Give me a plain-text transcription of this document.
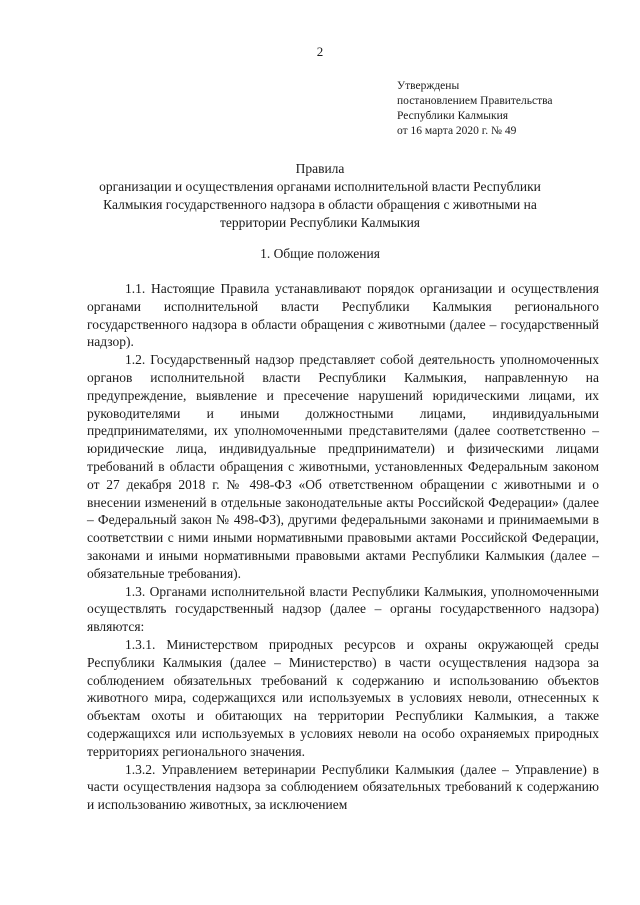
2
Утверждены
постановлением Правительства
Республики Калмыкия
от 16 марта 2020 г. № 49
Правила
организации и осуществления органами исполнительной власти Республики
Калмыкия государственного надзора в области обращения с животными на
территории Республики Калмыкия
1. Общие положения

1.1. Настоящие Правила устанавливают порядок организации и осуществления органами исполнительной власти Республики Калмыкия регионального государственного надзора в области обращения с животными (далее – государственный надзор).

1.2. Государственный надзор представляет собой деятельность уполномоченных органов исполнительной власти Республики Калмыкия, направленную на предупреждение, выявление и пресечение нарушений юридическими лицами, их руководителями и иными должностными лицами, индивидуальными предпринимателями, их уполномоченными представителями (далее соответственно – юридические лица, индивидуальные предприниматели) и физическими лицами требований в области обращения с животными, установленных Федеральным законом от 27 декабря 2018 г. № 498-ФЗ «Об ответственном обращении с животными и о внесении изменений в отдельные законодательные акты Российской Федерации» (далее – Федеральный закон № 498-ФЗ), другими федеральными законами и принимаемыми в соответствии с ними иными нормативными правовыми актами Российской Федерации, законами и иными нормативными правовыми актами Республики Калмыкия (далее – обязательные требования).

1.3. Органами исполнительной власти Республики Калмыкия, уполномоченными осуществлять государственный надзор (далее – органы государственного надзора) являются:

1.3.1. Министерством природных ресурсов и охраны окружающей среды Республики Калмыкия (далее – Министерство) в части осуществления надзора за соблюдением обязательных требований к содержанию и использованию объектов животного мира, содержащихся или используемых в условиях неволи, отнесенных к объектам охоты и обитающих на территории Республики Калмыкия, а также содержащихся или используемых в условиях неволи на особо охраняемых природных территориях регионального значения.

1.3.2. Управлением ветеринарии Республики Калмыкия (далее – Управление) в части осуществления надзора за соблюдением обязательных требований к содержанию и использованию животных, за исключением
